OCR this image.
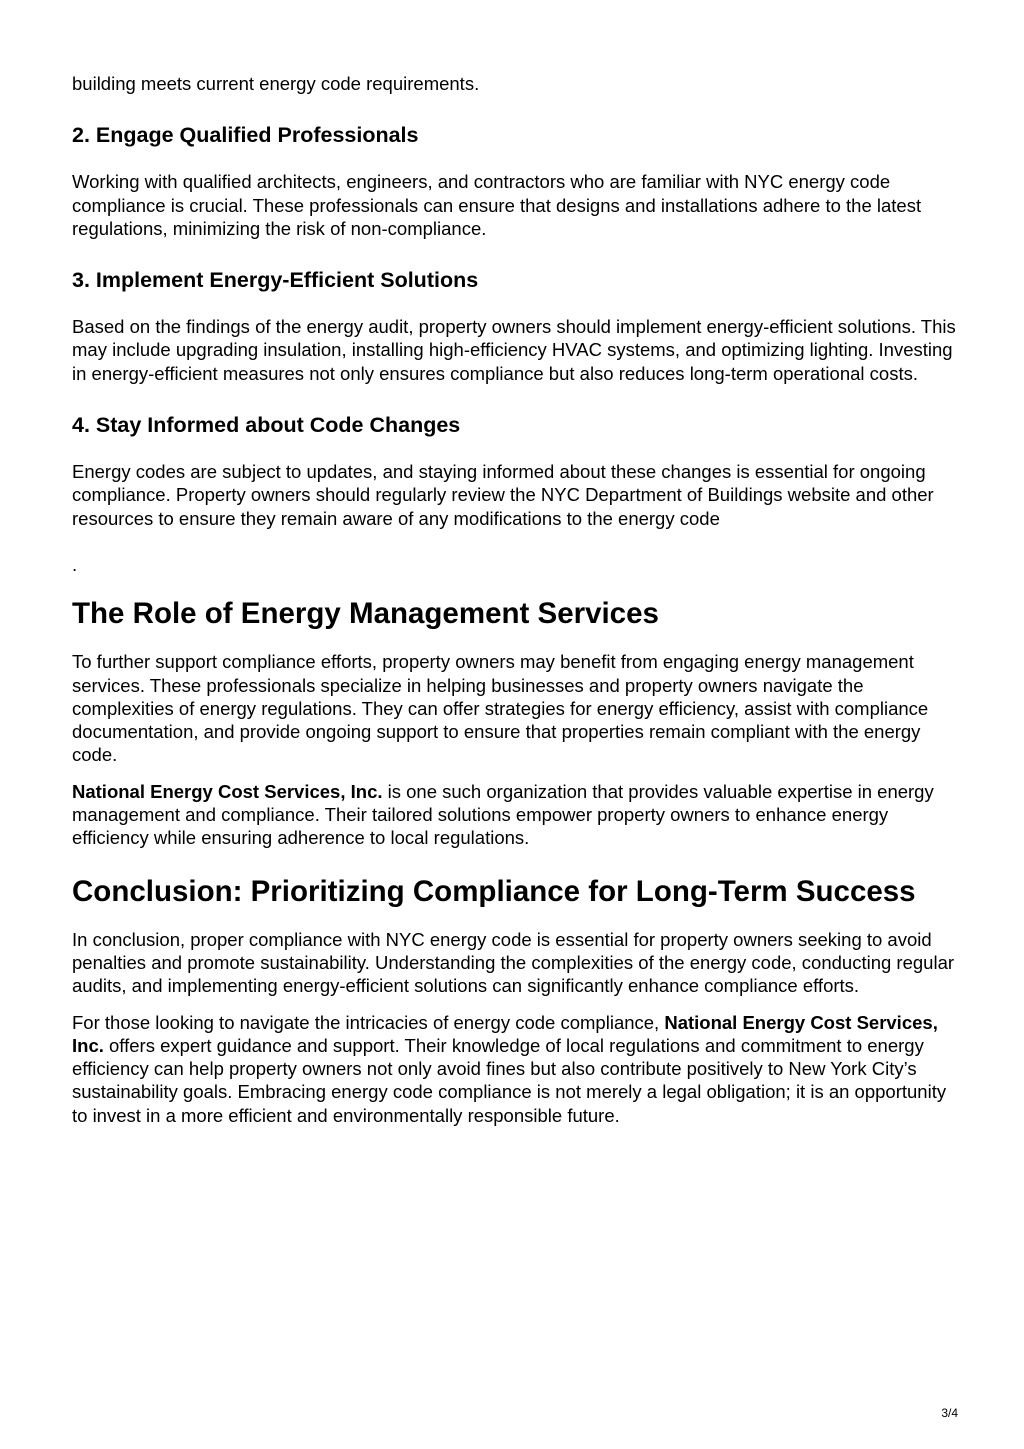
building meets current energy code requirements.

2. Engage Qualified Professionals

Working with qualified architects, engineers, and contractors who are familiar with NYC energy code compliance is crucial. These professionals can ensure that designs and installations adhere to the latest regulations, minimizing the risk of non-compliance.

3. Implement Energy-Efficient Solutions

Based on the findings of the energy audit, property owners should implement energy-efficient solutions. This may include upgrading insulation, installing high-efficiency HVAC systems, and optimizing lighting. Investing in energy-efficient measures not only ensures compliance but also reduces long-term operational costs.

4. Stay Informed about Code Changes

Energy codes are subject to updates, and staying informed about these changes is essential for ongoing compliance. Property owners should regularly review the NYC Department of Buildings website and other resources to ensure they remain aware of any modifications to the energy code

.

The Role of Energy Management Services

To further support compliance efforts, property owners may benefit from engaging energy management services. These professionals specialize in helping businesses and property owners navigate the complexities of energy regulations. They can offer strategies for energy efficiency, assist with compliance documentation, and provide ongoing support to ensure that properties remain compliant with the energy code.

National Energy Cost Services, Inc. is one such organization that provides valuable expertise in energy management and compliance. Their tailored solutions empower property owners to enhance energy efficiency while ensuring adherence to local regulations.

Conclusion: Prioritizing Compliance for Long-Term Success

In conclusion, proper compliance with NYC energy code is essential for property owners seeking to avoid penalties and promote sustainability. Understanding the complexities of the energy code, conducting regular audits, and implementing energy-efficient solutions can significantly enhance compliance efforts.

For those looking to navigate the intricacies of energy code compliance, National Energy Cost Services, Inc. offers expert guidance and support. Their knowledge of local regulations and commitment to energy efficiency can help property owners not only avoid fines but also contribute positively to New York City’s sustainability goals. Embracing energy code compliance is not merely a legal obligation; it is an opportunity to invest in a more efficient and environmentally responsible future.

3/4
